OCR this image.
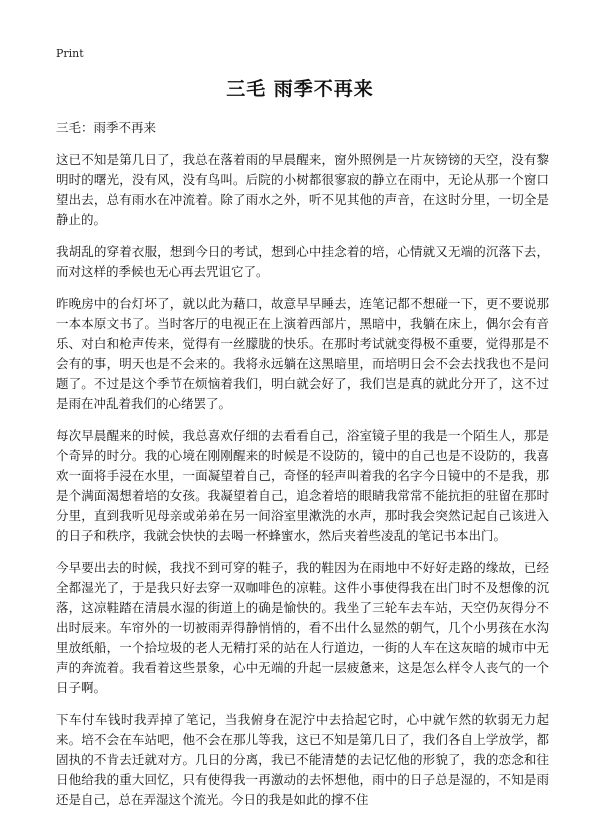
Print
三毛 雨季不再来

三毛：雨季不再来

这已不知是第几日了，我总在落着雨的早晨醒来，窗外照例是一片灰镑镑的天空，没有黎明时的曙光，没有风，没有鸟叫。后院的小树都很寥寂的静立在雨中，无论从那一个窗口望出去，总有雨水在冲流着。除了雨水之外，听不见其他的声音，在这时分里，一切全是静止的。

我胡乱的穿着衣服，想到今日的考试，想到心中挂念着的培，心情就又无端的沉落下去，而对这样的季候也无心再去咒诅它了。

昨晚房中的台灯坏了，就以此为藉口，故意早早睡去，连笔记都不想碰一下，更不要说那一本本原文书了。当时客厅的电视正在上演着西部片，黑暗中，我躺在床上，偶尔会有音乐、对白和枪声传来，觉得有一丝朦胧的快乐。在那时考试就变得极不重要，觉得那是不会有的事，明天也是不会来的。我将永远躺在这黑暗里，而培明日会不会去找我也不是问题了。不过是这个季节在烦恼着我们，明白就会好了，我们岂是真的就此分开了，这不过是雨在冲乱着我们的心绪罢了。

每次早晨醒来的时候，我总喜欢仔细的去看看自己，浴室镜子里的我是一个陌生人，那是个奇异的时分。我的心境在刚刚醒来的时候是不设防的，镜中的自己也是不设防的，我喜欢一面将手浸在水里，一面凝望着自己，奇怪的轻声叫着我的名字今日镜中的不是我，那是个满面渴想着培的女孩。我凝望着自己，追念着培的眼睛我常常不能抗拒的驻留在那时分里，直到我听见母亲或弟弟在另一间浴室里漱洗的水声，那时我会突然记起自己该进入的日子和秩序，我就会快快的去喝一杯蜂蜜水，然后夹着些凌乱的笔记书本出门。

今早要出去的时候，我找不到可穿的鞋子，我的鞋因为在雨地中不好好走路的缘故，已经全都湿光了，于是我只好去穿一双咖啡色的凉鞋。这件小事使得我在出门时不及想像的沉落，这凉鞋踏在清晨水湿的街道上的确是愉快的。我坐了三轮车去车站，天空仍灰得分不出时辰来。车帘外的一切被雨弄得静悄悄的，看不出什么显然的朝气，几个小男孩在水沟里放纸船，一个拾垃圾的老人无精打采的站在人行道边，一街的人车在这灰暗的城市中无声的奔流着。我看着这些景象，心中无端的升起一层疲惫来，这是怎么样令人丧气的一个日子啊。

下车付车钱时我弄掉了笔记，当我俯身在泥泞中去拾起它时，心中就乍然的软弱无力起来。培不会在车站吧，他不会在那儿等我，这已不知是第几日了，我们各自上学放学，都固执的不肯去迁就对方。几日的分离，我已不能清楚的去记忆他的形貌了，我的恋念和往日他给我的重大回忆，只有使得我一再激动的去怀想他，雨中的日子总是湿的，不知是雨还是自己，总在弄湿这个流光。今日的我是如此的撑不住
